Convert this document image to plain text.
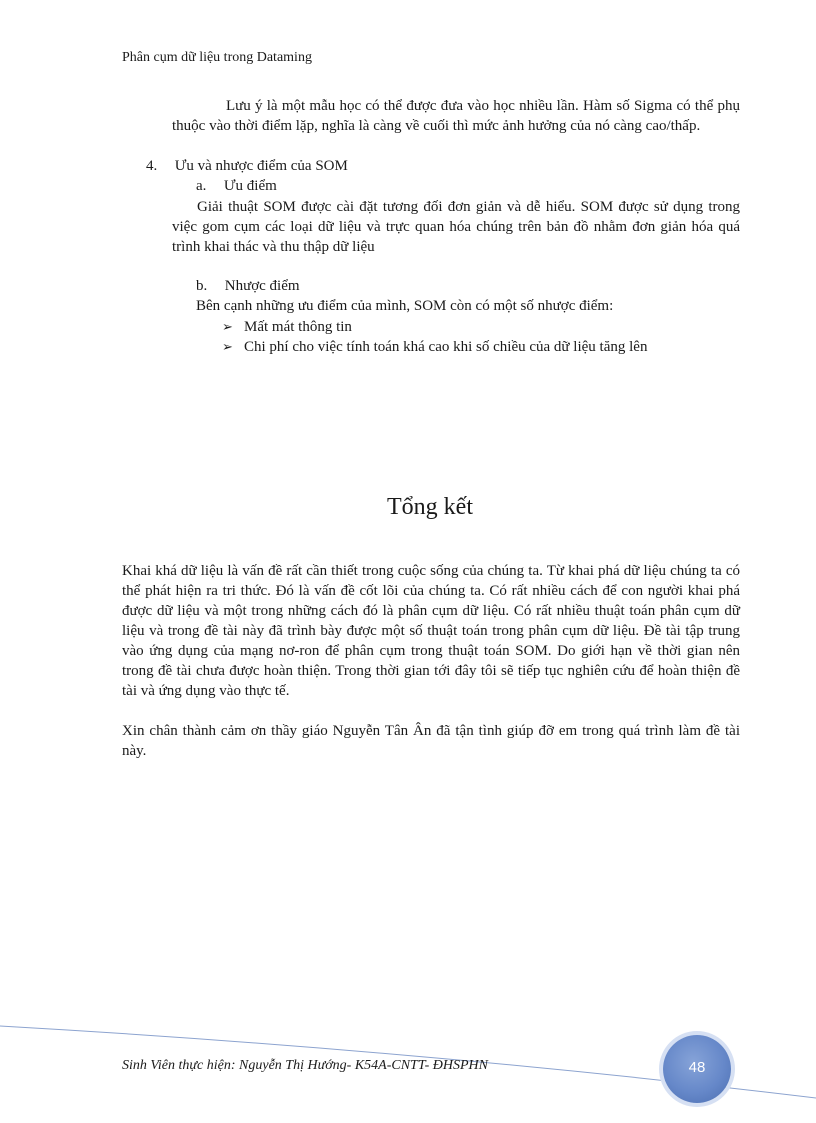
Phân cụm dữ liệu trong Dataming
Lưu ý là một mẫu học có thể được đưa vào học nhiều lần. Hàm số Sigma có thể phụ thuộc vào thời điểm lặp, nghĩa là càng về cuối thì mức ảnh hưởng của nó càng cao/thấp.
4. Ưu và nhược điểm của SOM
a. Ưu điểm
Giải thuật SOM được cài đặt tương đối đơn giản và dễ hiểu. SOM được sử dụng trong việc gom cụm các loại dữ liệu và trực quan hóa chúng trên bản đồ nhằm đơn giản hóa quá trình khai thác và thu thập dữ liệu
b. Nhược điểm
Bên cạnh những ưu điểm của mình, SOM còn có một số nhược điểm:
➢ Mất mát thông tin
➢ Chi phí cho việc tính toán khá cao khi số chiều của dữ liệu tăng lên
Tổng kết
Khai khá dữ liệu là vấn đề rất cần thiết trong cuộc sống của chúng ta. Từ khai phá dữ liệu chúng ta có thể phát hiện ra tri thức. Đó là vấn đề cốt lõi của chúng ta. Có rất nhiều cách để con người khai phá được dữ liệu và một trong những cách đó là phân cụm dữ liệu. Có rất nhiều thuật toán phân cụm dữ liệu và trong đề tài này đã trình bày được một số thuật toán trong phân cụm dữ liệu. Đề tài tập trung vào ứng dụng của mạng nơ-ron để phân cụm trong thuật toán SOM. Do giới hạn về thời gian nên trong đề tài chưa được hoàn thiện. Trong thời gian tới đây tôi sẽ tiếp tục nghiên cứu để hoàn thiện đề tài và ứng dụng vào thực tế.
Xin chân thành cảm ơn thầy giáo Nguyễn Tân Ân đã tận tình giúp đỡ em trong quá trình làm đề tài này.
Sinh Viên thực hiện: Nguyễn Thị Hướng- K54A-CNTT- ĐHSPHN	48
